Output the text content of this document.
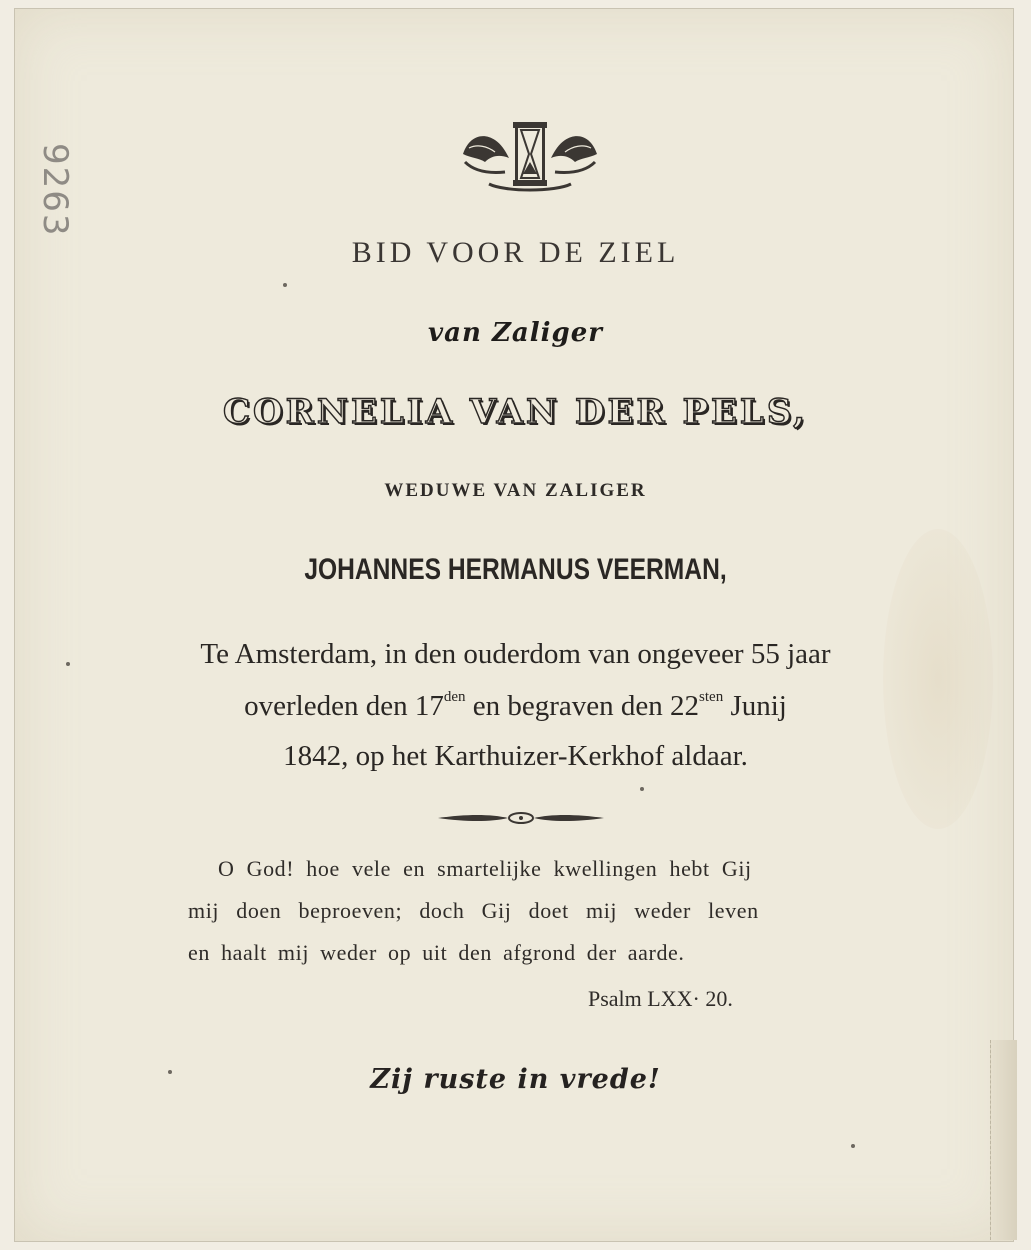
9263
BID VOOR DE ZIEL
van Zaliger
CORNELIA VAN DER PELS,
WEDUWE VAN ZALIGER
JOHANNES HERMANUS VEERMAN,
Te Amsterdam, in den ouderdom van ongeveer 55 jaar
overleden den $17^{den}$ en begraven den $22^{sten}$ Junij
1842, op het Karthuizer-Kerkhof aldaar.
O God! hoe vele en smartelijke kwellingen hebt Gij
mij doen beproeven; doch Gij doet mij weder leven
en haalt mij weder op uit den afgrond der aarde.
Psalm LXX· 20.
Zij ruste in vrede!
